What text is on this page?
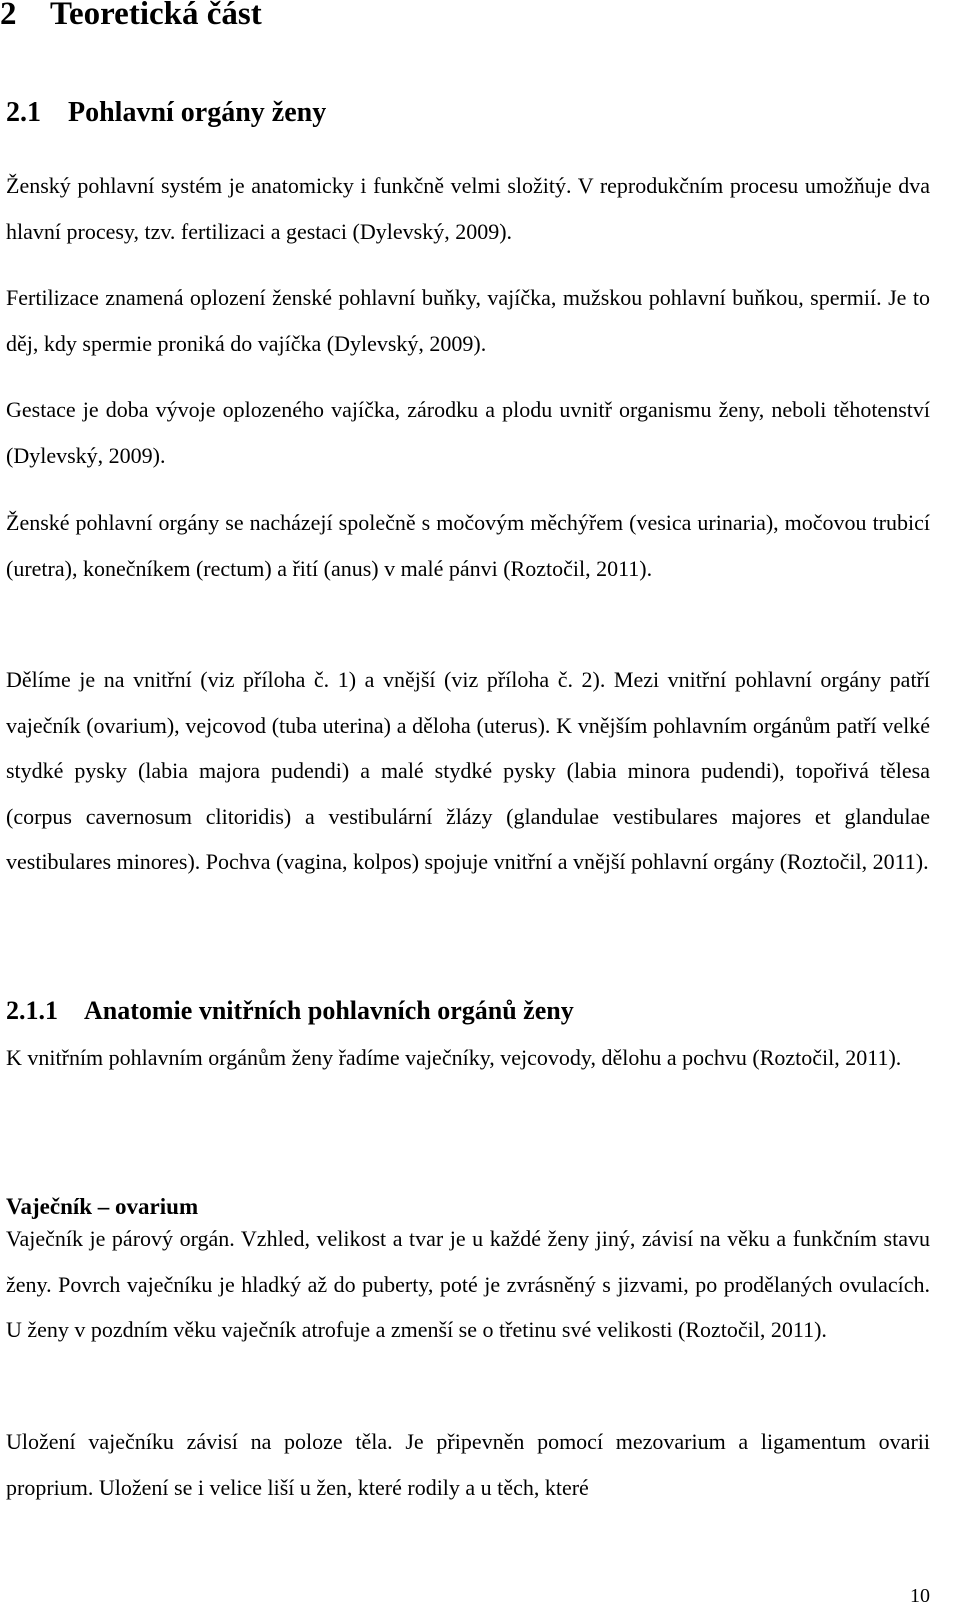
2 Teoretická část
2.1 Pohlavní orgány ženy

Ženský pohlavní systém je anatomicky i funkčně velmi složitý. V reprodukčním procesu umožňuje dva hlavní procesy, tzv. fertilizaci a gestaci (Dylevský, 2009).

Fertilizace znamená oplození ženské pohlavní buňky, vajíčka, mužskou pohlavní buňkou, spermií. Je to děj, kdy spermie proniká do vajíčka (Dylevský, 2009).

Gestace je doba vývoje oplozeného vajíčka, zárodku a plodu uvnitř organismu ženy, neboli těhotenství (Dylevský, 2009).

Ženské pohlavní orgány se nacházejí společně s močovým měchýřem (vesica urinaria), močovou trubicí (uretra), konečníkem (rectum) a řití (anus) v malé pánvi (Roztočil, 2011).

Dělíme je na vnitřní (viz příloha č. 1) a vnější (viz příloha č. 2). Mezi vnitřní pohlavní orgány patří vaječník (ovarium), vejcovod (tuba uterina) a děloha (uterus). K vnějším pohlavním orgánům patří velké stydké pysky (labia majora pudendi) a malé stydké pysky (labia minora pudendi), topořivá tělesa (corpus cavernosum clitoridis) a vestibulární žlázy (glandulae vestibulares majores et glandulae vestibulares minores). Pochva (vagina, kolpos) spojuje vnitřní a vnější pohlavní orgány (Roztočil, 2011).

2.1.1 Anatomie vnitřních pohlavních orgánů ženy

K vnitřním pohlavním orgánům ženy řadíme vaječníky, vejcovody, dělohu a pochvu (Roztočil, 2011).

Vaječník – ovarium

Vaječník je párový orgán. Vzhled, velikost a tvar je u každé ženy jiný, závisí na věku a funkčním stavu ženy. Povrch vaječníku je hladký až do puberty, poté je zvrásněný s jizvami, po prodělaných ovulacích. U ženy v pozdním věku vaječník atrofuje a zmenší se o třetinu své velikosti (Roztočil, 2011).

Uložení vaječníku závisí na poloze těla. Je připevněn pomocí mezovarium a ligamentum ovarii proprium. Uložení se i velice liší u žen, které rodily a u těch, které

10
